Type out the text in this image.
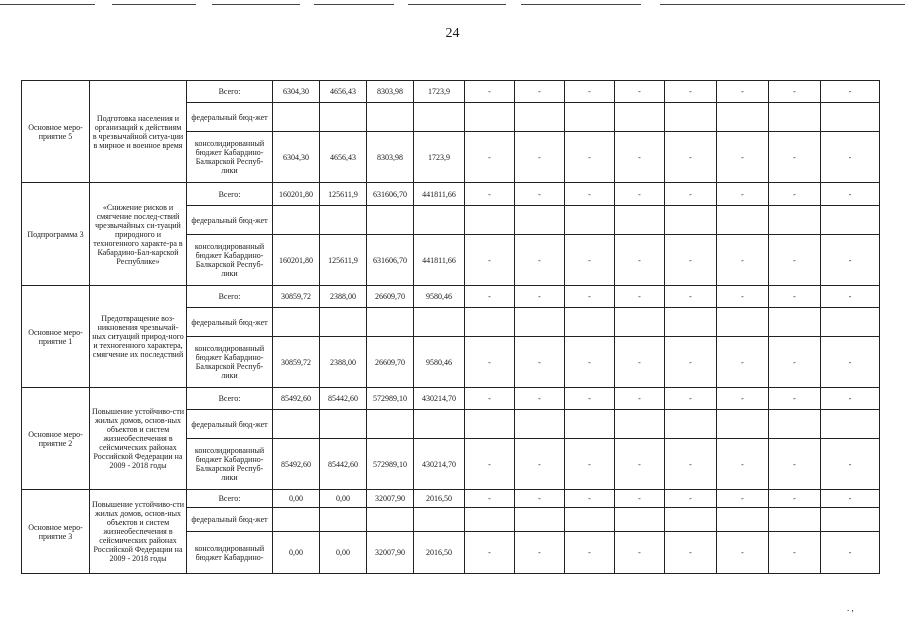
24
Основное меро-приятие 5	Подготовка населения и организаций к действиям в чрезвычайной ситуа-ции в мирное и военное время	Всего:	6304,30	4656,43	8303,98	1723,9	-	-	-	-	-	-	-	-
		федеральный бюд-жет												
		консолидированный бюджет Кабардино-Балкарской Респуб-лики	6304,30	4656,43	8303,98	1723,9	-	-	-	-	-	-	-	-
Подпрограмма 3	«Снижение рисков и смягчение послед-ствий чрезвычайных си-туаций природного и техногенного характе-ра в Кабардино-Бал-карской Республике»	Всего:	160201,80	125611,9	631606,70	441811,66	-	-	-	-	-	-	-	-
		федеральный бюд-жет												
		консолидированный бюджет Кабардино-Балкарской Респуб-лики	160201,80	125611,9	631606,70	441811,66	-	-	-	-	-	-	-	-
Основное меро-приятие 1	Предотвращение воз-никновения чрезвычай-ных ситуаций природ-ного и техногенного характера, смягчение их последствий	Всего:	30859,72	2388,00	26609,70	9580,46	-	-	-	-	-	-	-	-
		федеральный бюд-жет												
		консолидированный бюджет Кабардино-Балкарской Респуб-лики	30859,72	2388,00	26609,70	9580,46	-	-	-	-	-	-	-	-
Основное меро-приятие 2	Повышение устойчиво-сти жилых домов, основ-ных объектов и систем жизнеобеспечения в сейсмических районах Российской Федерации на 2009 - 2018 годы	Всего:	85492,60	85442,60	572989,10	430214,70	-	-	-	-	-	-	-	-
		федеральный бюд-жет												
		консолидированный бюджет Кабардино-Балкарской Респуб-лики	85492,60	85442,60	572989,10	430214,70	-	-	-	-	-	-	-	-
Основное меро-приятие 3	Повышение устойчиво-сти жилых домов, основ-ных объектов и систем жизнеобеспечения в сейсмических районах Российской Федерации на 2009 - 2018 годы	Всего:	0,00	0,00	32007,90	2016,50	-	-	-	-	-	-	-	-
		федеральный бюд-жет												
		консолидированный бюджет Кабардино-	0,00	0,00	32007,90	2016,50	-	-	-	-	-	-	-	-
. ,
